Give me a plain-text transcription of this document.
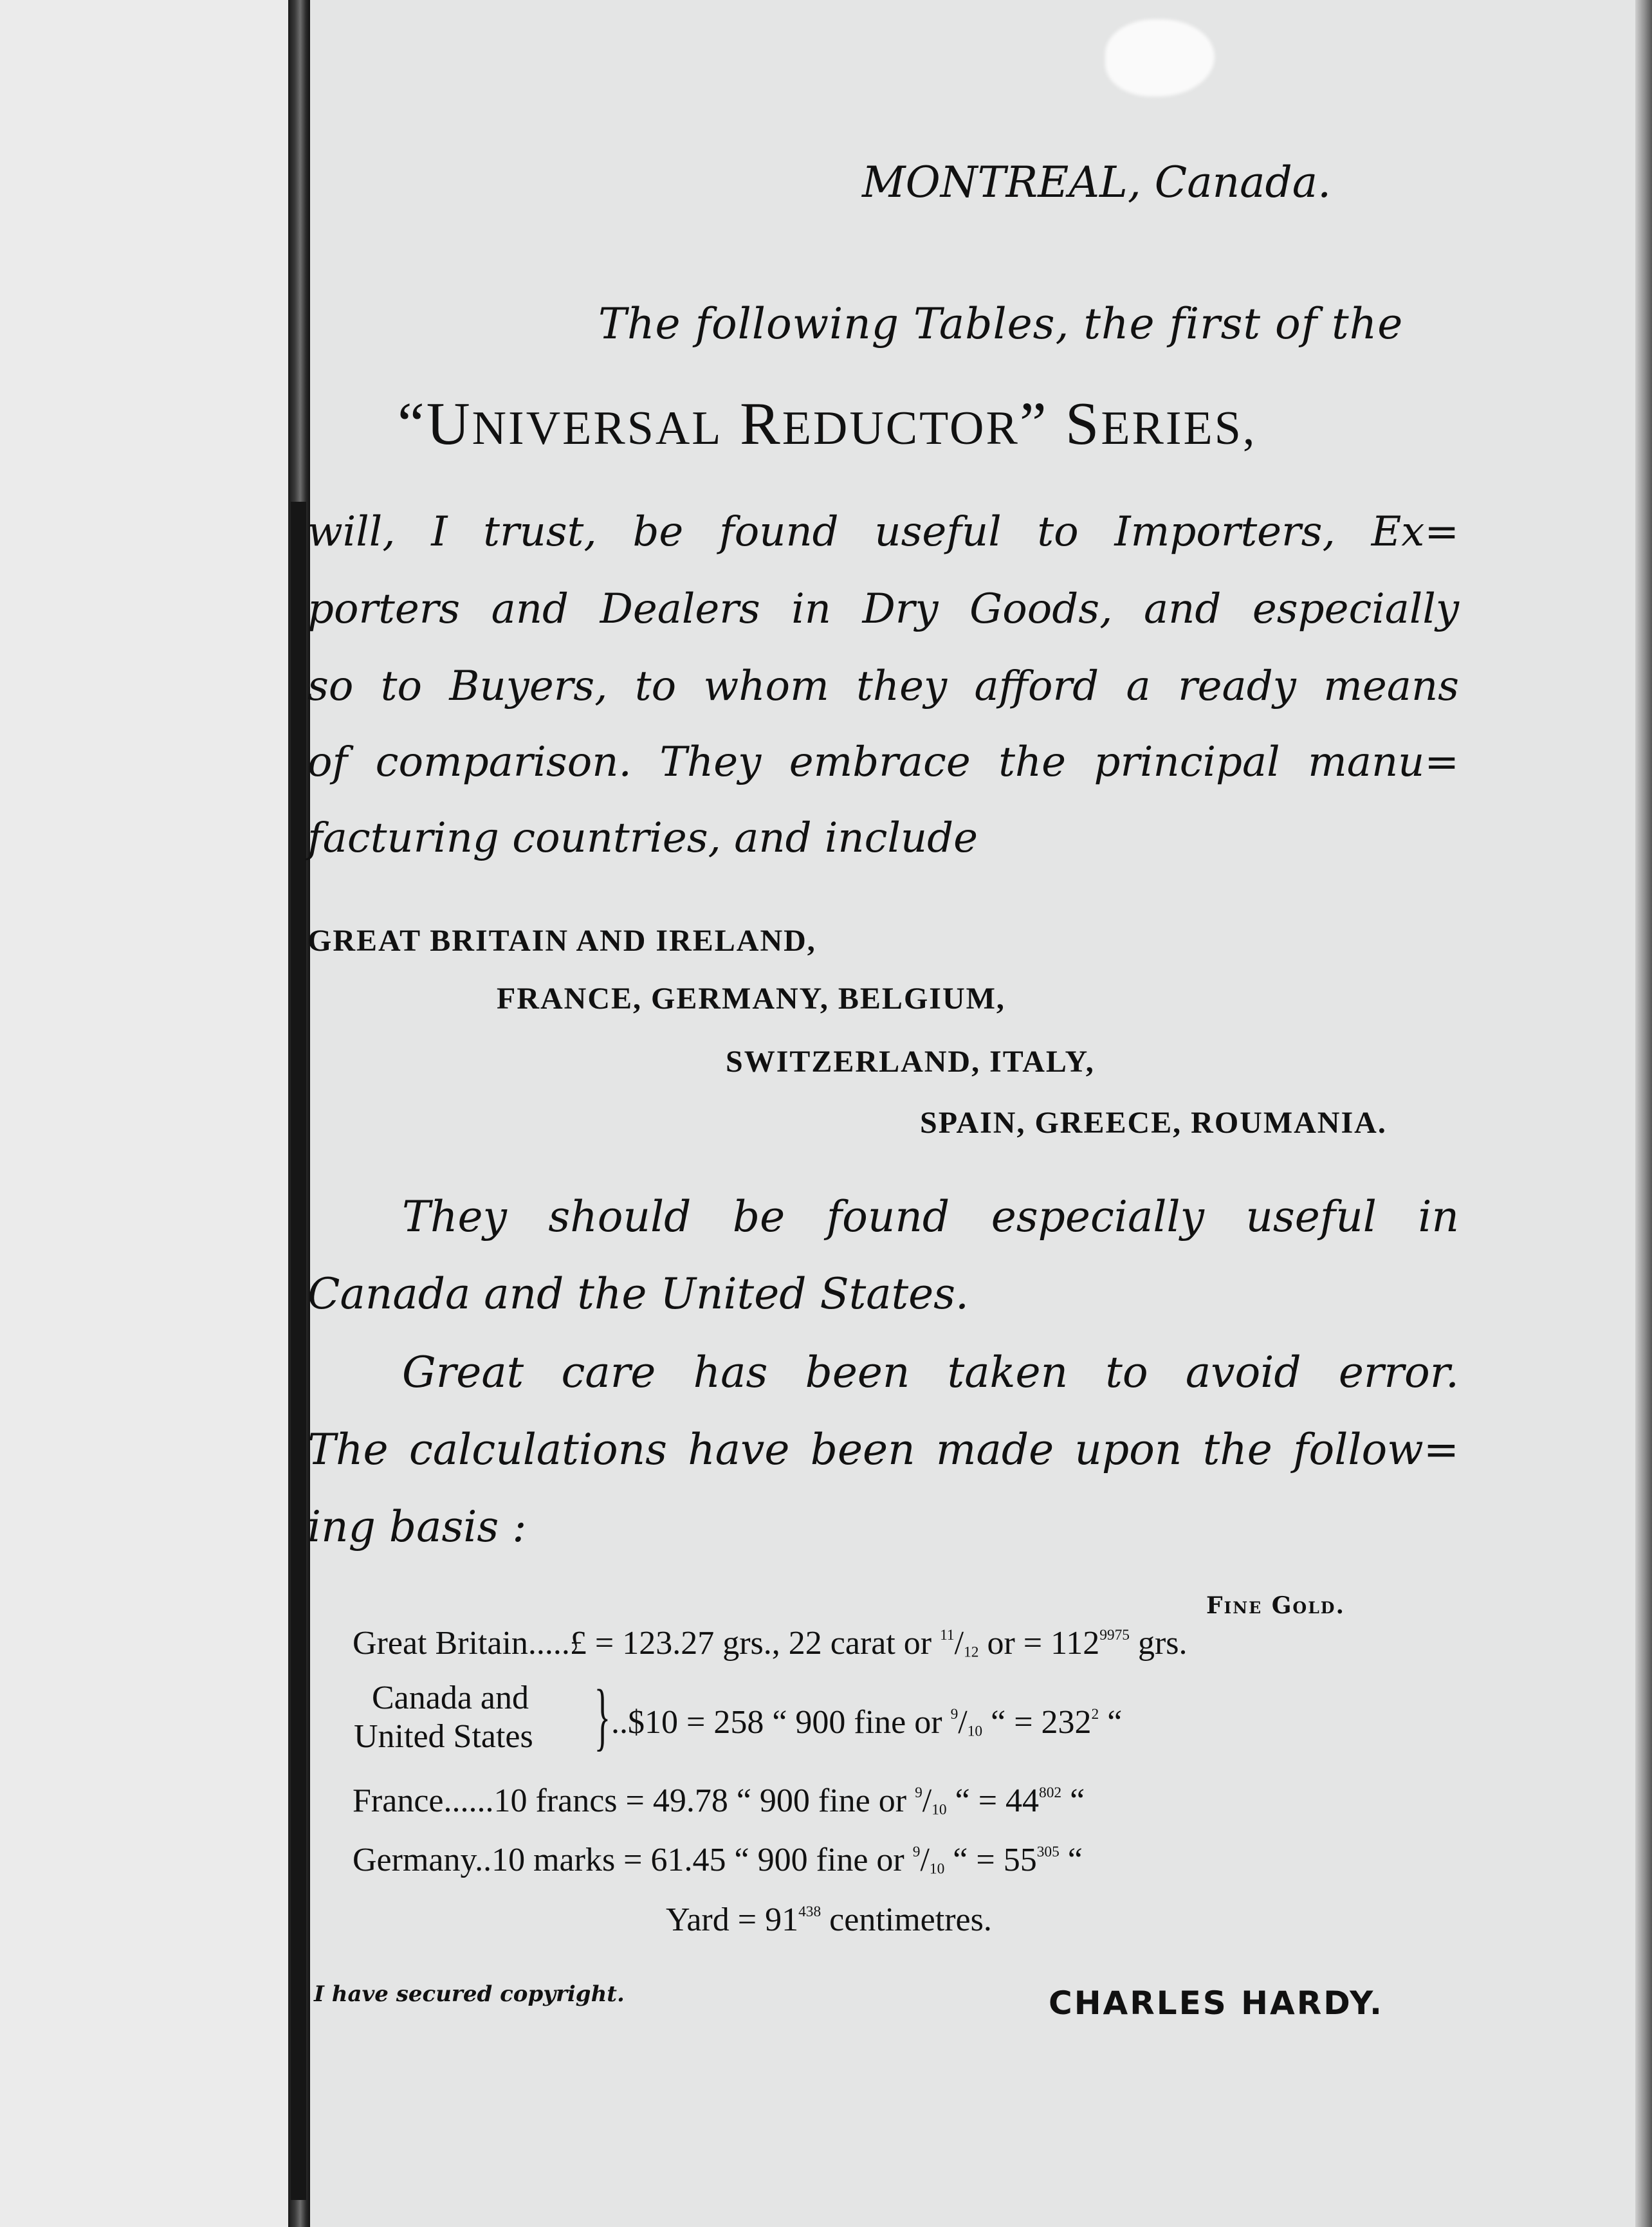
MONTREAL, Canada.
The following Tables, the first of the
“UNIVERSAL REDUCTOR” SERIES,
will, I trust, be found useful to Importers, Ex=
porters and Dealers in Dry Goods, and especially
so to Buyers, to whom they afford a ready means
of comparison. They embrace the principal manu=
facturing countries, and include
GREAT BRITAIN AND IRELAND,
FRANCE, GERMANY, BELGIUM,
SWITZERLAND, ITALY,
SPAIN, GREECE, ROUMANIA.
They should be found especially useful in
Canada and the United States.
Great care has been taken to avoid error.
The calculations have been made upon the follow=
ing basis :
Fine Gold.
Great Britain.....£ = 123.27 grs., 22 carat or $^{11}/_{12}$ or = $112^{9975}$ grs.
Canada and
United States } ..$10 = 258 “ 900 fine or $^9/_{10}$ “ = $232^2$ “
France......10 francs = 49.78 “ 900 fine or $^9/_{10}$ “ = $44^{802}$ “
Germany..10 marks = 61.45 “ 900 fine or $^9/_{10}$ “ = $55^{305}$ “
Yard = $91^{438}$ centimetres.
I have secured copyright.	CHARLES HARDY.
